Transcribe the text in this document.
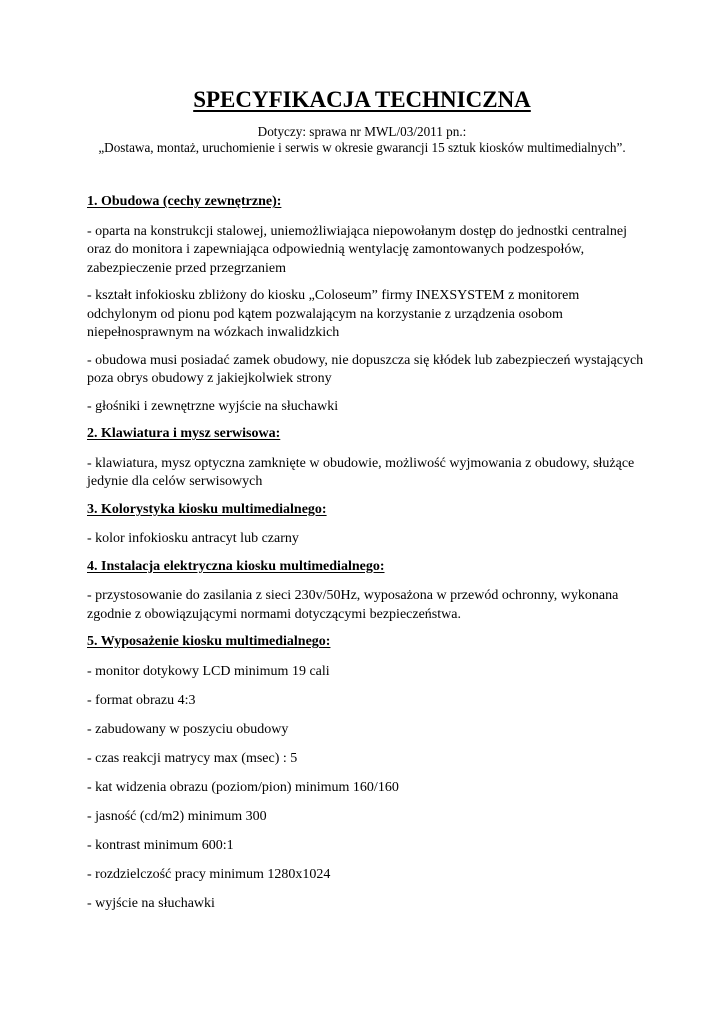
SPECYFIKACJA TECHNICZNA
Dotyczy: sprawa nr MWL/03/2011 pn.:
„Dostawa, montaż, uruchomienie i serwis w okresie gwarancji 15 sztuk kiosków multimedialnych”.

1. Obudowa (cechy zewnętrzne):

- oparta na konstrukcji stalowej, uniemożliwiająca niepowołanym dostęp do jednostki centralnej oraz do monitora i zapewniająca odpowiednią wentylację zamontowanych podzespołów, zabezpieczenie przed przegrzaniem

- kształt infokiosku zbliżony do kiosku „Coloseum” firmy INEXSYSTEM z monitorem odchylonym od pionu pod kątem pozwalającym na korzystanie z urządzenia osobom niepełnosprawnym na wózkach inwalidzkich

- obudowa musi posiadać zamek obudowy, nie dopuszcza się kłódek lub zabezpieczeń wystających poza obrys obudowy z jakiejkolwiek strony

- głośniki i zewnętrzne wyjście na słuchawki

2. Klawiatura i mysz serwisowa:

- klawiatura, mysz optyczna zamknięte w obudowie, możliwość wyjmowania z obudowy, służące jedynie dla celów serwisowych

3. Kolorystyka kiosku multimedialnego:

- kolor infokiosku antracyt lub czarny

4. Instalacja elektryczna kiosku multimedialnego:

- przystosowanie do zasilania z sieci 230v/50Hz, wyposażona w przewód ochronny, wykonana zgodnie z obowiązującymi normami dotyczącymi bezpieczeństwa.

5. Wyposażenie kiosku multimedialnego:

- monitor dotykowy LCD minimum 19 cali

- format obrazu 4:3

- zabudowany w poszyciu obudowy

- czas reakcji matrycy max (msec) : 5

- kat widzenia obrazu (poziom/pion) minimum 160/160

- jasność (cd/m2) minimum 300

- kontrast minimum 600:1

- rozdzielczość pracy minimum 1280x1024

- wyjście na słuchawki
